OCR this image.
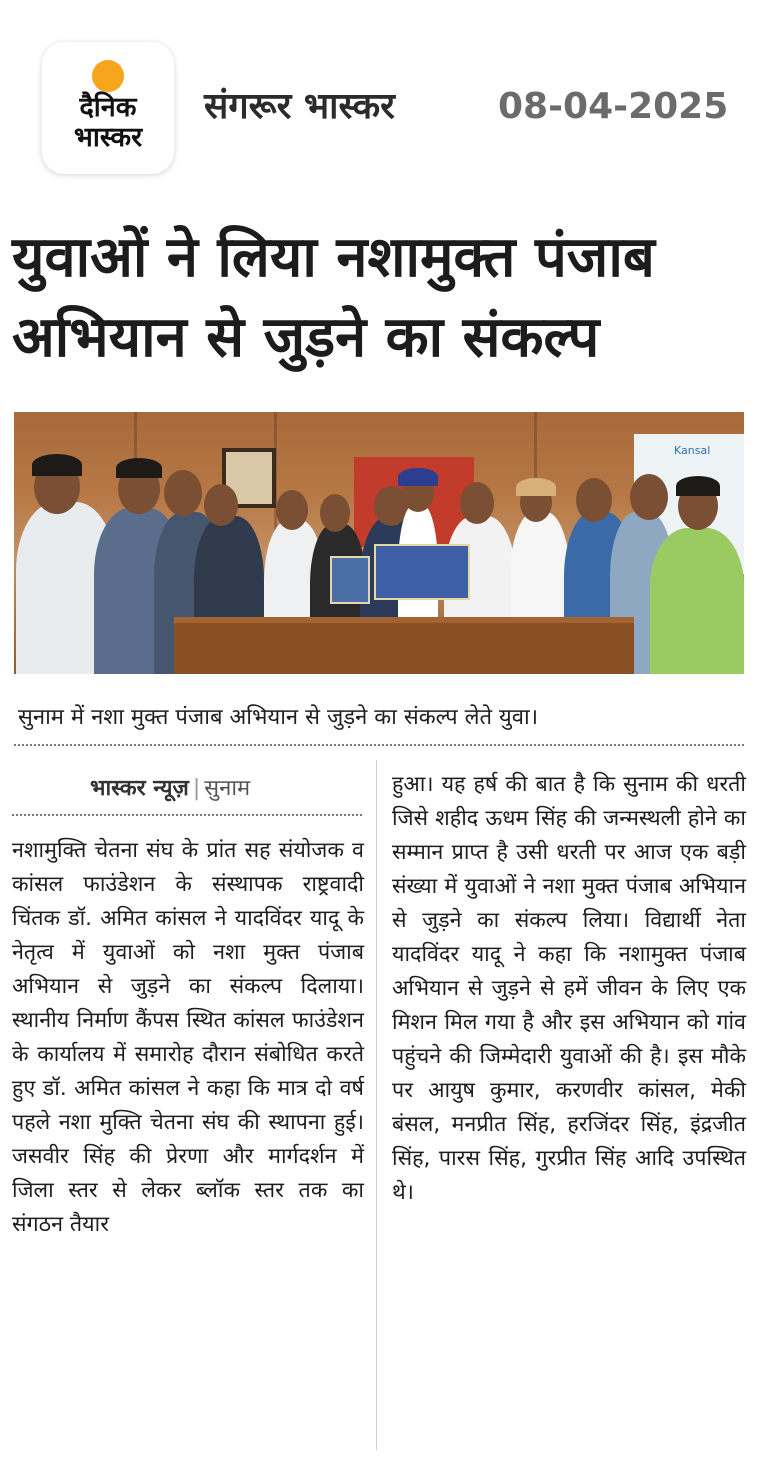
दैनिक
भास्कर
संगरूर भास्कर	08-04-2025
युवाओं ने लिया नशामुक्त पंजाब अभियान से जुड़ने का संकल्प
Kansal
सुनाम में नशा मुक्त पंजाब अभियान से जुड़ने का संकल्प लेते युवा।
भास्कर न्यूज़ | सुनाम

नशामुक्ति चेतना संघ के प्रांत सह संयोजक व कांसल फाउंडेशन के संस्थापक राष्ट्रवादी चिंतक डॉ. अमित कांसल ने यादविंदर यादू के नेतृत्व में युवाओं को नशा मुक्त पंजाब अभियान से जुड़ने का संकल्प दिलाया। स्थानीय निर्माण कैंपस स्थित कांसल फाउंडेशन के कार्यालय में समारोह दौरान संबोधित करते हुए डॉ. अमित कांसल ने कहा कि मात्र दो वर्ष पहले नशा मुक्ति चेतना संघ की स्थापना हुई। जसवीर सिंह की प्रेरणा और मार्गदर्शन में जिला स्तर से लेकर ब्लॉक स्तर तक का संगठन तैयार

हुआ। यह हर्ष की बात है कि सुनाम की धरती जिसे शहीद ऊधम सिंह की जन्मस्थली होने का सम्मान प्राप्त है उसी धरती पर आज एक बड़ी संख्या में युवाओं ने नशा मुक्त पंजाब अभियान से जुड़ने का संकल्प लिया। विद्यार्थी नेता यादविंदर यादू ने कहा कि नशामुक्त पंजाब अभियान से जुड़ने से हमें जीवन के लिए एक मिशन मिल गया है और इस अभियान को गांव पहुंचने की जिम्मेदारी युवाओं की है। इस मौके पर आयुष कुमार, करणवीर कांसल, मेकी बंसल, मनप्रीत सिंह, हरजिंदर सिंह, इंद्रजीत सिंह, पारस सिंह, गुरप्रीत सिंह आदि उपस्थित थे।
